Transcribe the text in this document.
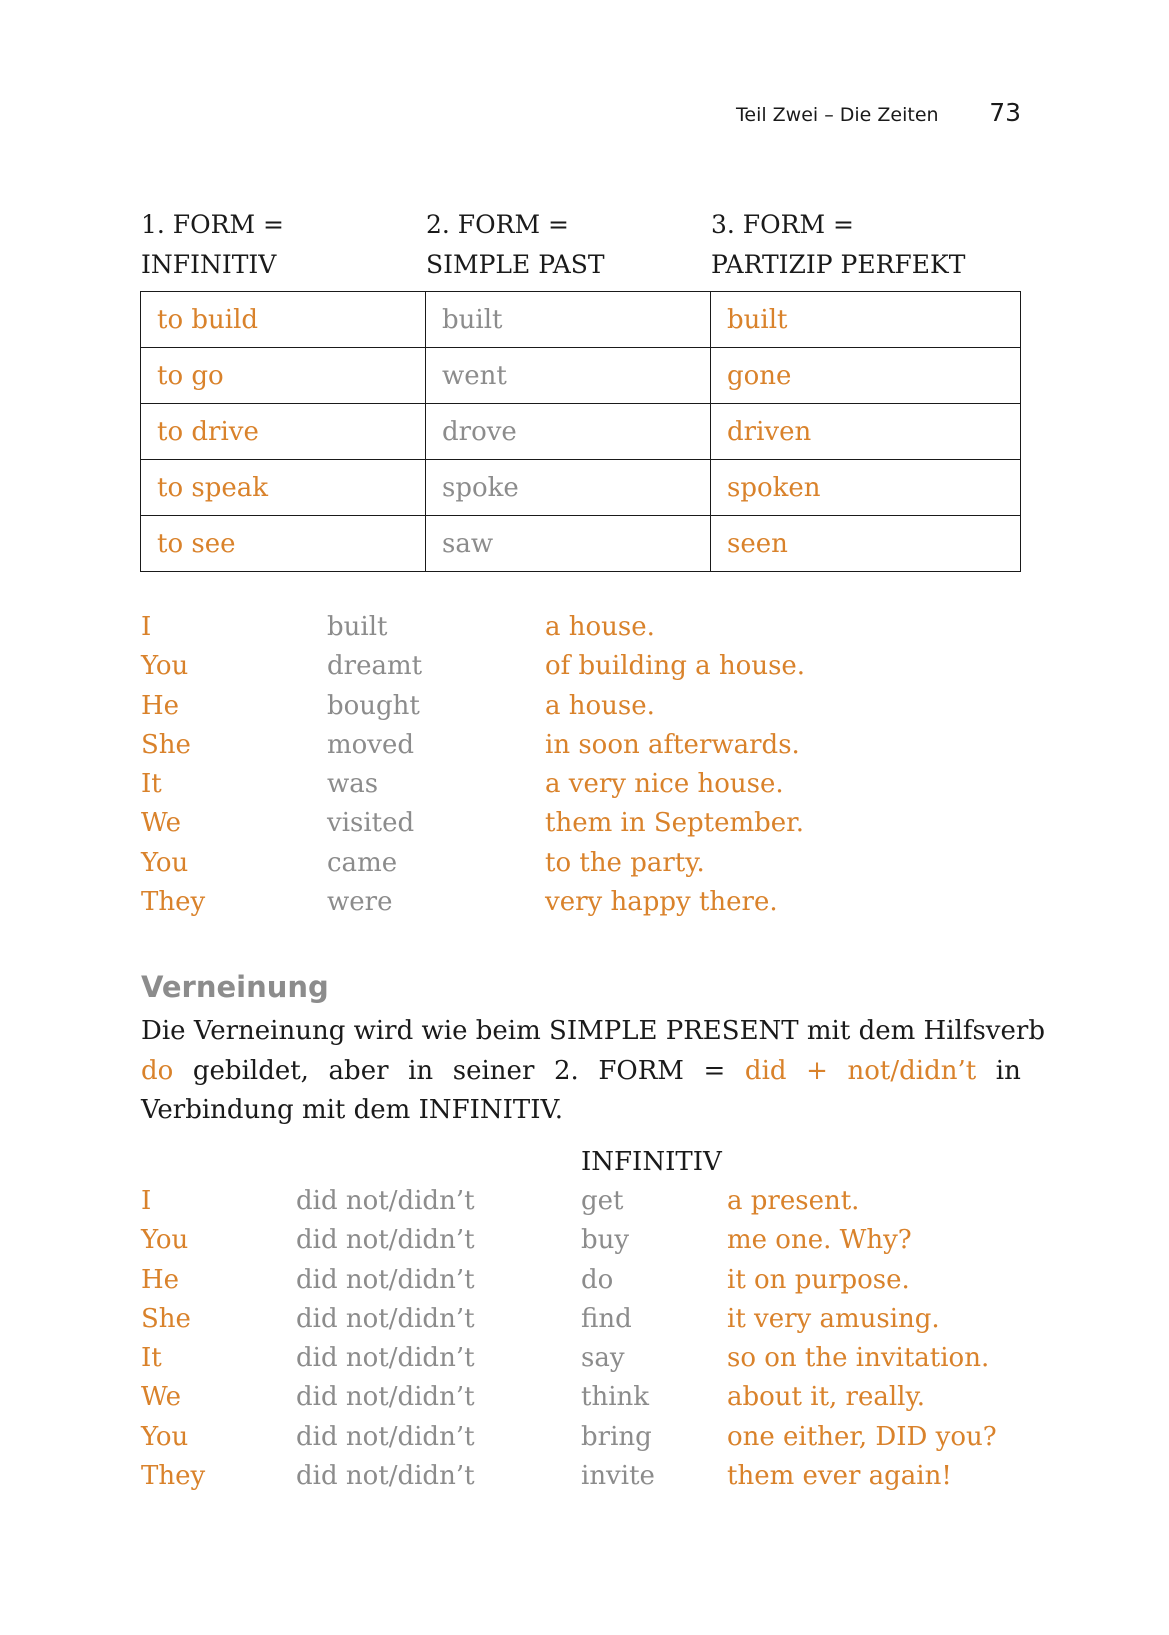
Teil Zwei – Die Zeiten 73
1. FORM =
INFINITIV
2. FORM =
SIMPLE PAST
3. FORM =
PARTIZIP PERFEKT
to build	built	built
to go	went	gone
to drive	drove	driven
to speak	spoke	spoken
to see	saw	seen
I	built	a house.
You	dreamt	of building a house.
He	bought	a house.
She	moved	in soon afterwards.
It	was	a very nice house.
We	visited	them in September.
You	came	to the party.
They	were	very happy there.
Verneinung
Die Verneinung wird wie beim SIMPLE PRESENT mit dem Hilfsverb
do gebildet, aber in seiner 2. FORM = did + not/didn’t in
Verbindung mit dem INFINITIV.
INFINITIV
I	did not/didn’t	get	a present.
You	did not/didn’t	buy	me one. Why?
He	did not/didn’t	do	it on purpose.
She	did not/didn’t	find	it very amusing.
It	did not/didn’t	say	so on the invitation.
We	did not/didn’t	think	about it, really.
You	did not/didn’t	bring	one either, DID you?
They	did not/didn’t	invite	them ever again!
